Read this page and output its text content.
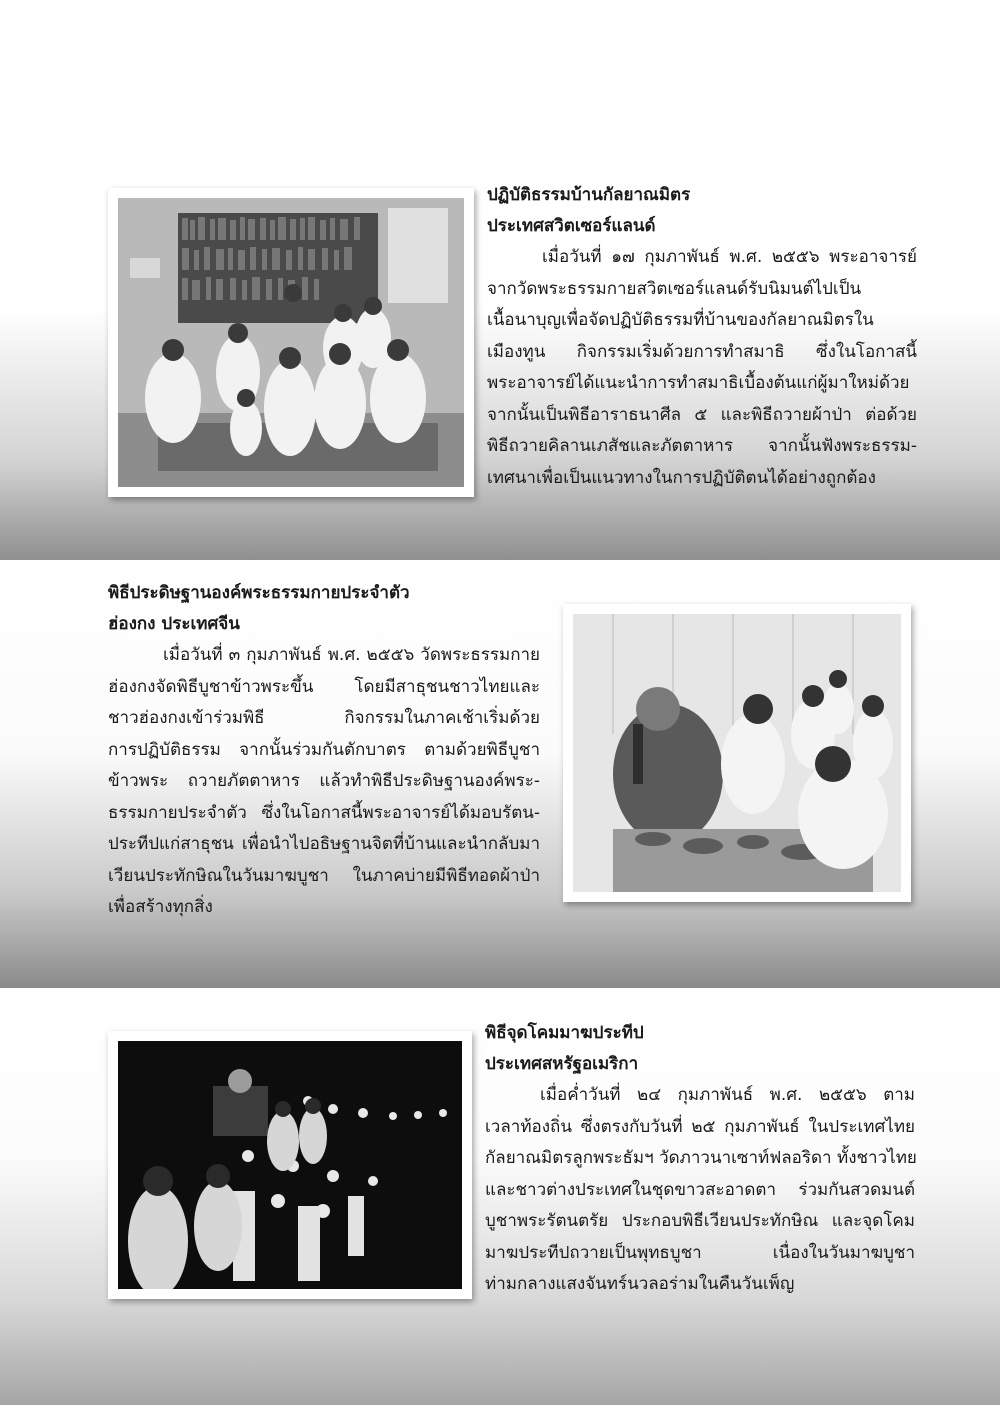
ปฏิบัติธรรมบ้านกัลยาณมิตร

ประเทศสวิตเซอร์แลนด์

เมื่อวันที่ ๑๗ กุมภาพันธ์ พ.ศ. ๒๕๕๖ พระอาจารย์

จากวัดพระธรรมกายสวิตเซอร์แลนด์รับนิมนต์ไปเป็น

เนื้อนาบุญเพื่อจัดปฏิบัติธรรมที่บ้านของกัลยาณมิตรใน

เมืองทูน กิจกรรมเริ่มด้วยการทำสมาธิ ซึ่งในโอกาสนี้

พระอาจารย์ได้แนะนำการทำสมาธิเบื้องต้นแก่ผู้มาใหม่ด้วย

จากนั้นเป็นพิธีอาราธนาศีล ๕ และพิธีถวายผ้าป่า ต่อด้วย

พิธีถวายคิลานเภสัชและภัตตาหาร จากนั้นฟังพระธรรม-

เทศนาเพื่อเป็นแนวทางในการปฏิบัติตนได้อย่างถูกต้อง

พิธีประดิษฐานองค์พระธรรมกายประจำตัว

ฮ่องกง ประเทศจีน

เมื่อวันที่ ๓ กุมภาพันธ์ พ.ศ. ๒๕๕๖ วัดพระธรรมกาย

ฮ่องกงจัดพิธีบูชาข้าวพระขึ้น โดยมีสาธุชนชาวไทยและ

ชาวฮ่องกงเข้าร่วมพิธี กิจกรรมในภาคเช้าเริ่มด้วย

การปฏิบัติธรรม จากนั้นร่วมกันตักบาตร ตามด้วยพิธีบูชา

ข้าวพระ ถวายภัตตาหาร แล้วทำพิธีประดิษฐานองค์พระ-

ธรรมกายประจำตัว ซึ่งในโอกาสนี้พระอาจารย์ได้มอบรัตน-

ประทีปแก่สาธุชน เพื่อนำไปอธิษฐานจิตที่บ้านและนำกลับมา

เวียนประทักษิณในวันมาฆบูชา ในภาคบ่ายมีพิธีทอดผ้าป่า

เพื่อสร้างทุกสิ่ง

พิธีจุดโคมมาฆประทีป

ประเทศสหรัฐอเมริกา

เมื่อค่ำวันที่ ๒๔ กุมภาพันธ์ พ.ศ. ๒๕๕๖ ตาม

เวลาท้องถิ่น ซึ่งตรงกับวันที่ ๒๕ กุมภาพันธ์ ในประเทศไทย

กัลยาณมิตรลูกพระธัมฯ วัดภาวนาเซาท์ฟลอริดา ทั้งชาวไทย

และชาวต่างประเทศในชุดขาวสะอาดตา ร่วมกันสวดมนต์

บูชาพระรัตนตรัย ประกอบพิธีเวียนประทักษิณ และจุดโคม

มาฆประทีปถวายเป็นพุทธบูชา เนื่องในวันมาฆบูชา

ท่ามกลางแสงจันทร์นวลอร่ามในคืนวันเพ็ญ
